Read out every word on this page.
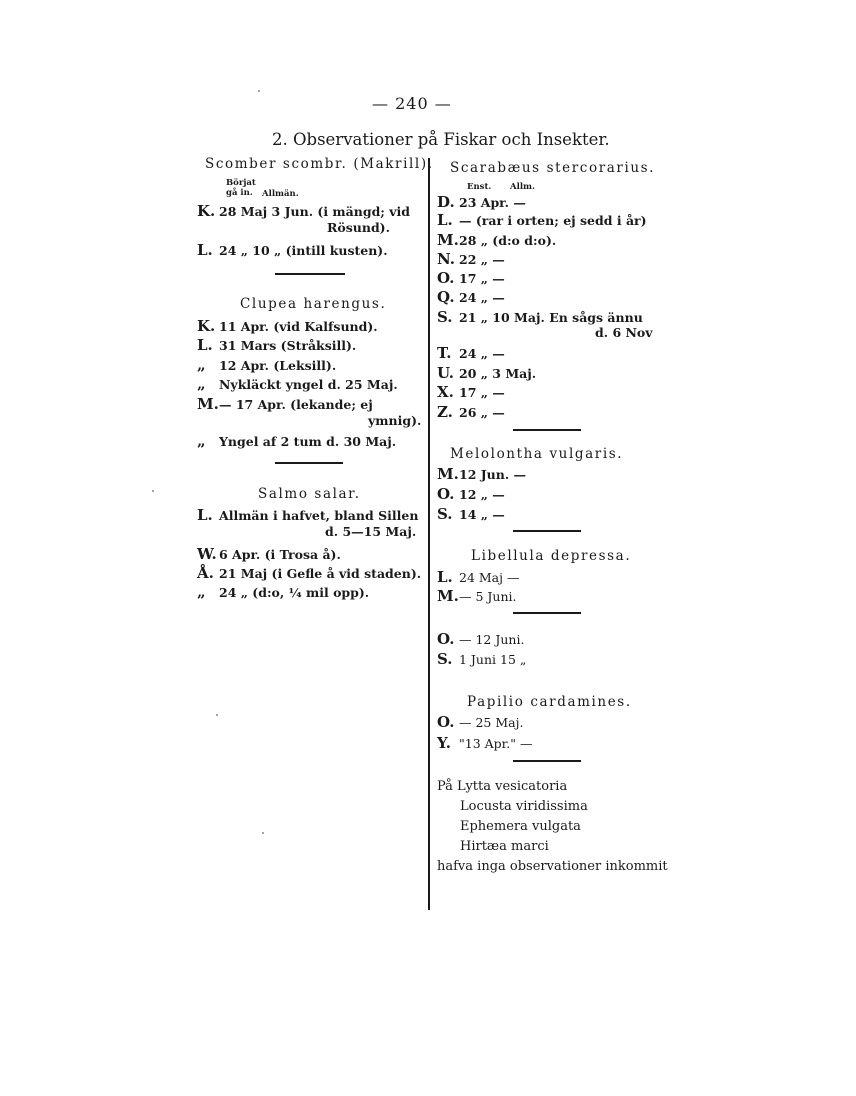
— 240 —
2. Observationer på Fiskar och Insekter.
Scomber scombr. (Makrill).
Börjat gå in. Allmän.
K. 28 Maj 3 Jun. (i mängd; vid
Rösund).
L. 24 „ 10 „ (intill kusten).
Clupea harengus.
K. 11 Apr. (vid Kalfsund).
L. 31 Mars (Stråksill).
„ 12 Apr. (Leksill).
„ Nykläckt yngel d. 25 Maj.
M.— 17 Apr. (lekande; ej
ymnig).
„ Yngel af 2 tum d. 30 Maj.
Salmo salar.
L. Allmän i hafvet, bland Sillen
d. 5—15 Maj.
W. 6 Apr. (i Trosa å).
Å. 21 Maj (i Gefle å vid staden).
„ 24 „ (d:o, ¼ mil opp).
Scarabæus stercorarius.
Enst. Allm.
D. 23 Apr. —
L. — (rar i orten; ej sedd i år)
M.28 „ (d:o d:o).
N. 22 „ —
O. 17 „ —
Q. 24 „ —
S. 21 „ 10 Maj. En sågs ännu
d. 6 Nov
T. 24 „ —
U. 20 „ 3 Maj.
X. 17 „ —
Z. 26 „ —
Melolontha vulgaris.
M.12 Jun. —
O. 12 „ —
S. 14 „ —
Libellula depressa.
L. 24 Maj —
M.— 5 Juni.
O. — 12 Juni.
S. 1 Juni 15 „
Papilio cardamines.
O. — 25 Maj.
Y. "13 Apr." —
På Lytta vesicatoria
Locusta viridissima
Ephemera vulgata
Hirtæa marci
hafva inga observationer inkommit
